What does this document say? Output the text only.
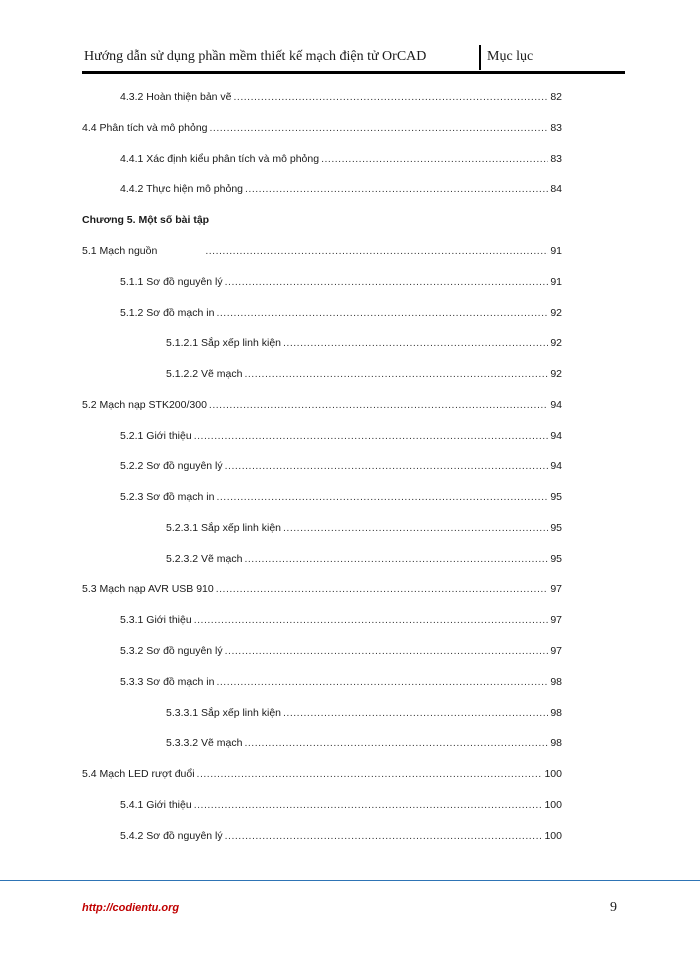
Hướng dẫn sử dụng phần mềm thiết kế mạch điện tử OrCAD	Mục lục
4.3.2 Hoàn thiện bản vẽ .....	82
4.4 Phân tích và mô phỏng .....	83
4.4.1 Xác định kiểu phân tích và mô phỏng .....	83
4.4.2 Thực hiện mô phỏng .....	84
Chương 5. Một số bài tập
5.1 Mạch nguồn .....	91
5.1.1 Sơ đồ nguyên lý .....	91
5.1.2 Sơ đồ mạch in .....	92
5.1.2.1 Sắp xếp linh kiện .....	92
5.1.2.2 Vẽ mạch .....	92
5.2 Mạch nạp STK200/300 .....	94
5.2.1 Giới thiệu .....	94
5.2.2 Sơ đồ nguyên lý .....	94
5.2.3 Sơ đồ mạch in .....	95
5.2.3.1 Sắp xếp linh kiện .....	95
5.2.3.2 Vẽ mạch .....	95
5.3 Mạch nạp AVR USB 910 .....	97
5.3.1 Giới thiệu .....	97
5.3.2 Sơ đồ nguyên lý .....	97
5.3.3 Sơ đồ mạch in .....	98
5.3.3.1 Sắp xếp linh kiện .....	98
5.3.3.2 Vẽ mạch .....	98
5.4 Mạch LED rượt đuổi .....	100
5.4.1 Giới thiệu .....	100
5.4.2 Sơ đồ nguyên lý .....	100
http://codientu.org	9
